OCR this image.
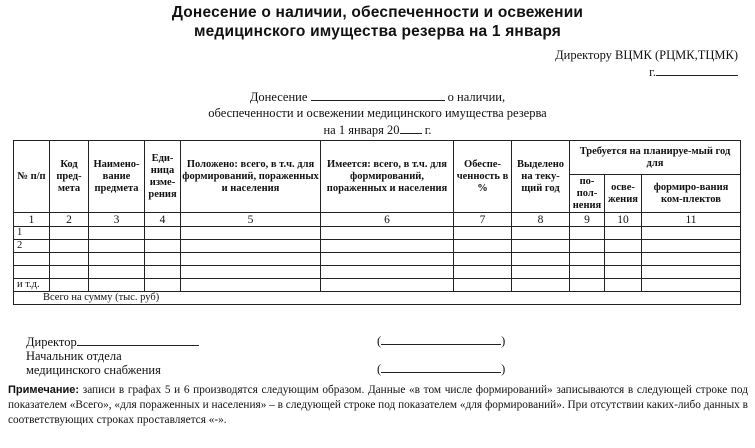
Донесение о наличии, обеспеченности и освежении
медицинского имущества резерва на 1 января
Директору ВЦМК (РЦМК,ТЦМК)
г.
Донесение	о наличии,
обеспеченности и освежении медицинского имущества резерва
на 1 января 20 г.
№ п/п	Код пред-мета	Наимено-вание предмета	Еди-ница изме-рения	Положено: всего, в т.ч. для формирований, пораженных и населения	Имеется: всего, в т.ч. для формирований, пораженных и населения	Обеспе-ченность в %	Выделено на теку-щий год	Требуется на планируе-мый год для		
								по-пол-нения	осве-жения	формиро-вания ком-плектов
1	2	3	4	5	6	7	8	9	10	11
1										
2										

и т.д.										
Всего на сумму (тыс. руб)										
Директор
Начальник отдела
медицинского снабжения
(	)
(	)
Примечание: записи в графах 5 и 6 производятся следующим образом. Данные «в том числе формирований» записываются в следующей строке под показателем «Всего», «для пораженных и населения» – в следующей строке под показателем «для формирований». При отсутствии каких-либо данных в соответствующих строках проставляется «-».
